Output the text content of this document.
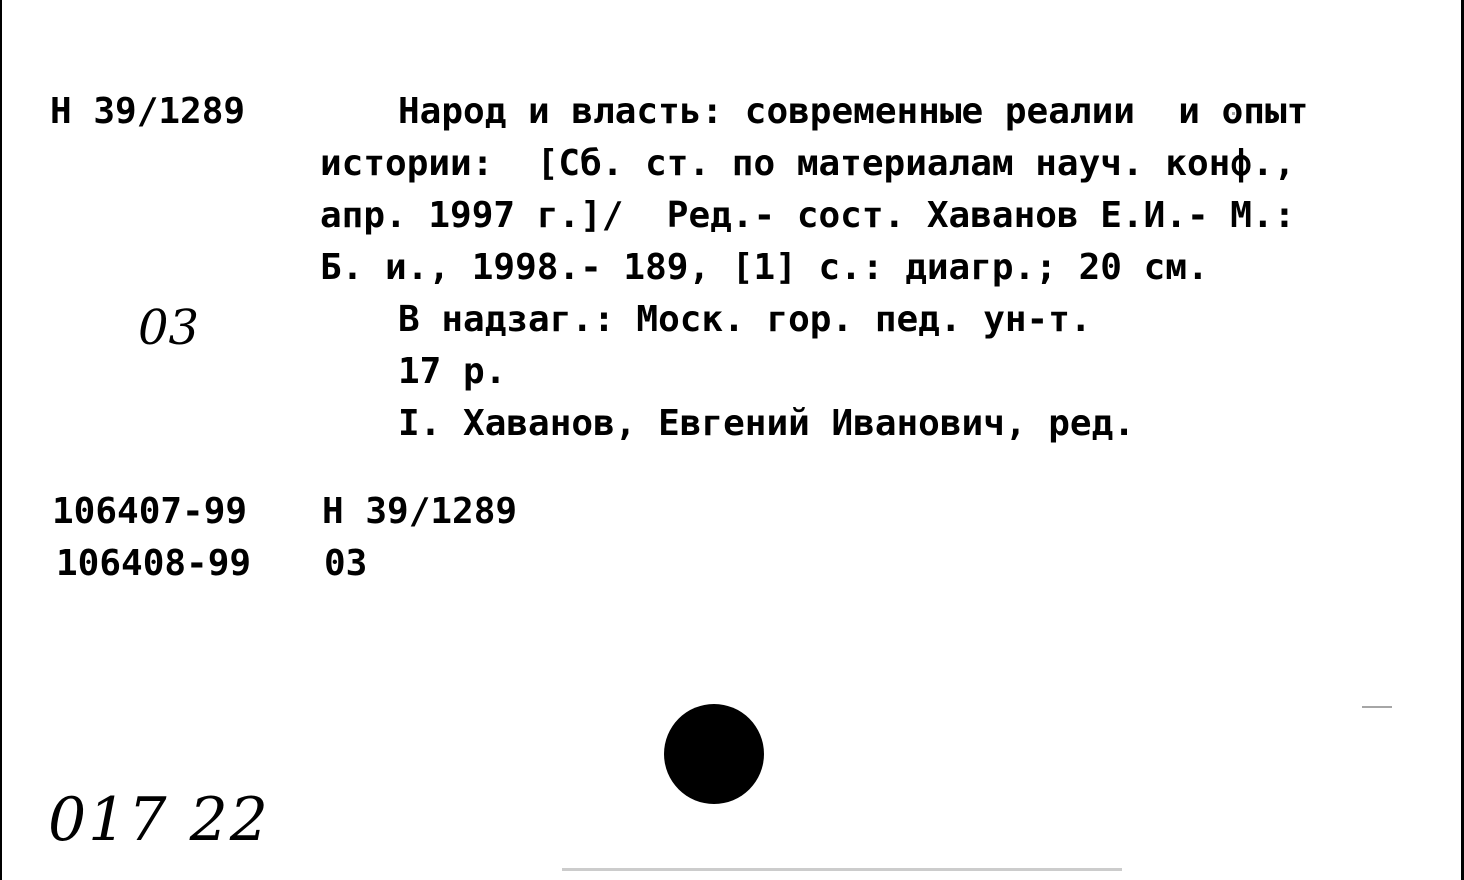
Н 39/1289	Народ и власть: современные реалии  и опыт
истории:  [Сб. ст. по материалам науч. конф.,
апр. 1997 г.]/  Ред.- сост. Хаванов Е.И.- М.:
Б. и., 1998.- 189, [1] с.: диагр.; 20 см.
В надзаг.: Моск. гор. пед. ун-т.
17 р.
I. Хаванов, Евгений Иванович, ред.
03
106407-99 Н 39/1289
106408-99 03
017 22
